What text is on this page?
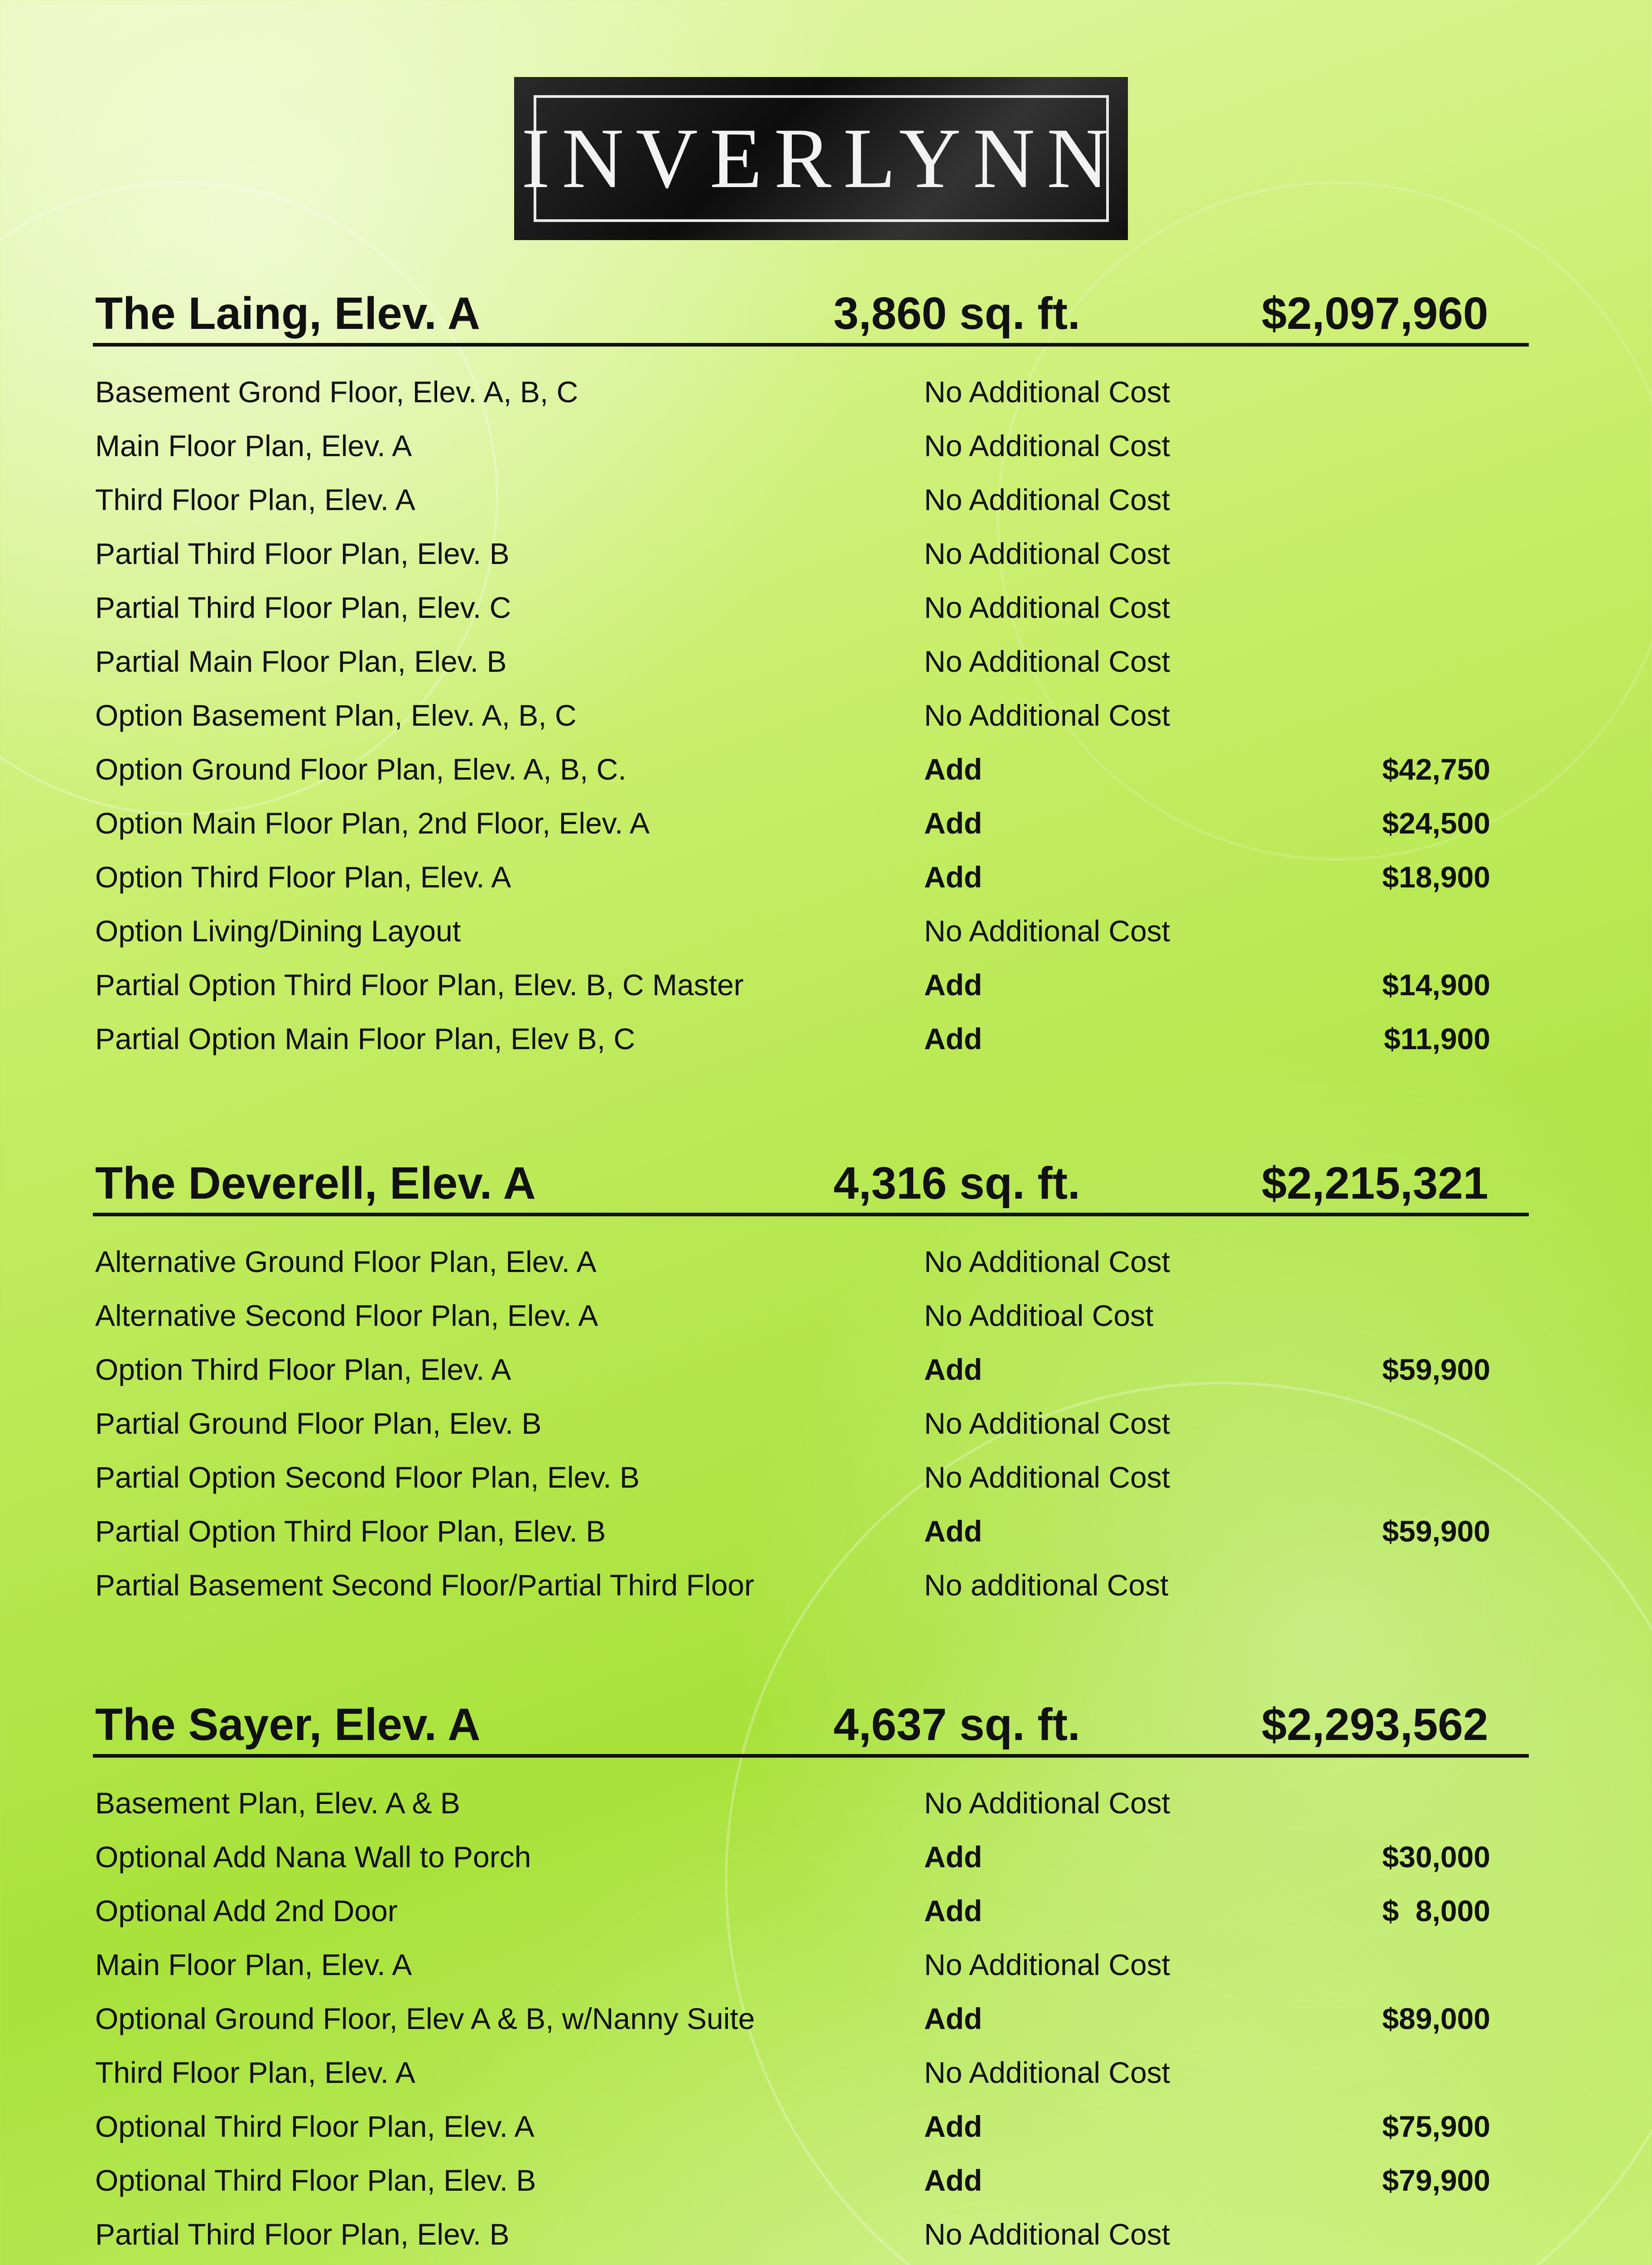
INVERLYNN
The Laing, Elev. A	3,860 sq. ft.	$2,097,960
Basement Grond Floor, Elev. A, B, C	No Additional Cost
Main Floor Plan, Elev. A	No Additional Cost
Third Floor Plan, Elev. A	No Additional Cost
Partial Third Floor Plan, Elev. B	No Additional Cost
Partial Third Floor Plan, Elev. C	No Additional Cost
Partial Main Floor Plan, Elev. B	No Additional Cost
Option Basement Plan, Elev. A, B, C	No Additional Cost
Option Ground Floor Plan, Elev. A, B, C.	Add	$42,750
Option Main Floor Plan, 2nd Floor, Elev. A	Add	$24,500
Option Third Floor Plan, Elev. A	Add	$18,900
Option Living/Dining Layout	No Additional Cost
Partial Option Third Floor Plan, Elev. B, C Master	Add	$14,900
Partial Option Main Floor Plan, Elev B, C	Add	$11,900
The Deverell, Elev. A	4,316 sq. ft.	$2,215,321
Alternative Ground Floor Plan, Elev. A	No Additional Cost
Alternative Second Floor Plan, Elev. A	No Additioal Cost
Option Third Floor Plan, Elev. A	Add	$59,900
Partial Ground Floor Plan, Elev. B	No Additional Cost
Partial Option Second Floor Plan, Elev. B	No Additional Cost
Partial Option Third Floor Plan, Elev. B	Add	$59,900
Partial Basement Second Floor/Partial Third Floor	No additional Cost
The Sayer, Elev. A	4,637 sq. ft.	$2,293,562
Basement Plan, Elev. A & B	No Additional Cost
Optional Add Nana Wall to Porch	Add	$30,000
Optional Add 2nd Door	Add	$  8,000
Main Floor Plan, Elev. A	No Additional Cost
Optional Ground Floor, Elev A & B, w/Nanny Suite	Add	$89,000
Third Floor Plan, Elev. A	No Additional Cost
Optional Third Floor Plan, Elev. A	Add	$75,900
Optional Third Floor Plan, Elev. B	Add	$79,900
Partial Third Floor Plan, Elev. B	No Additional Cost
